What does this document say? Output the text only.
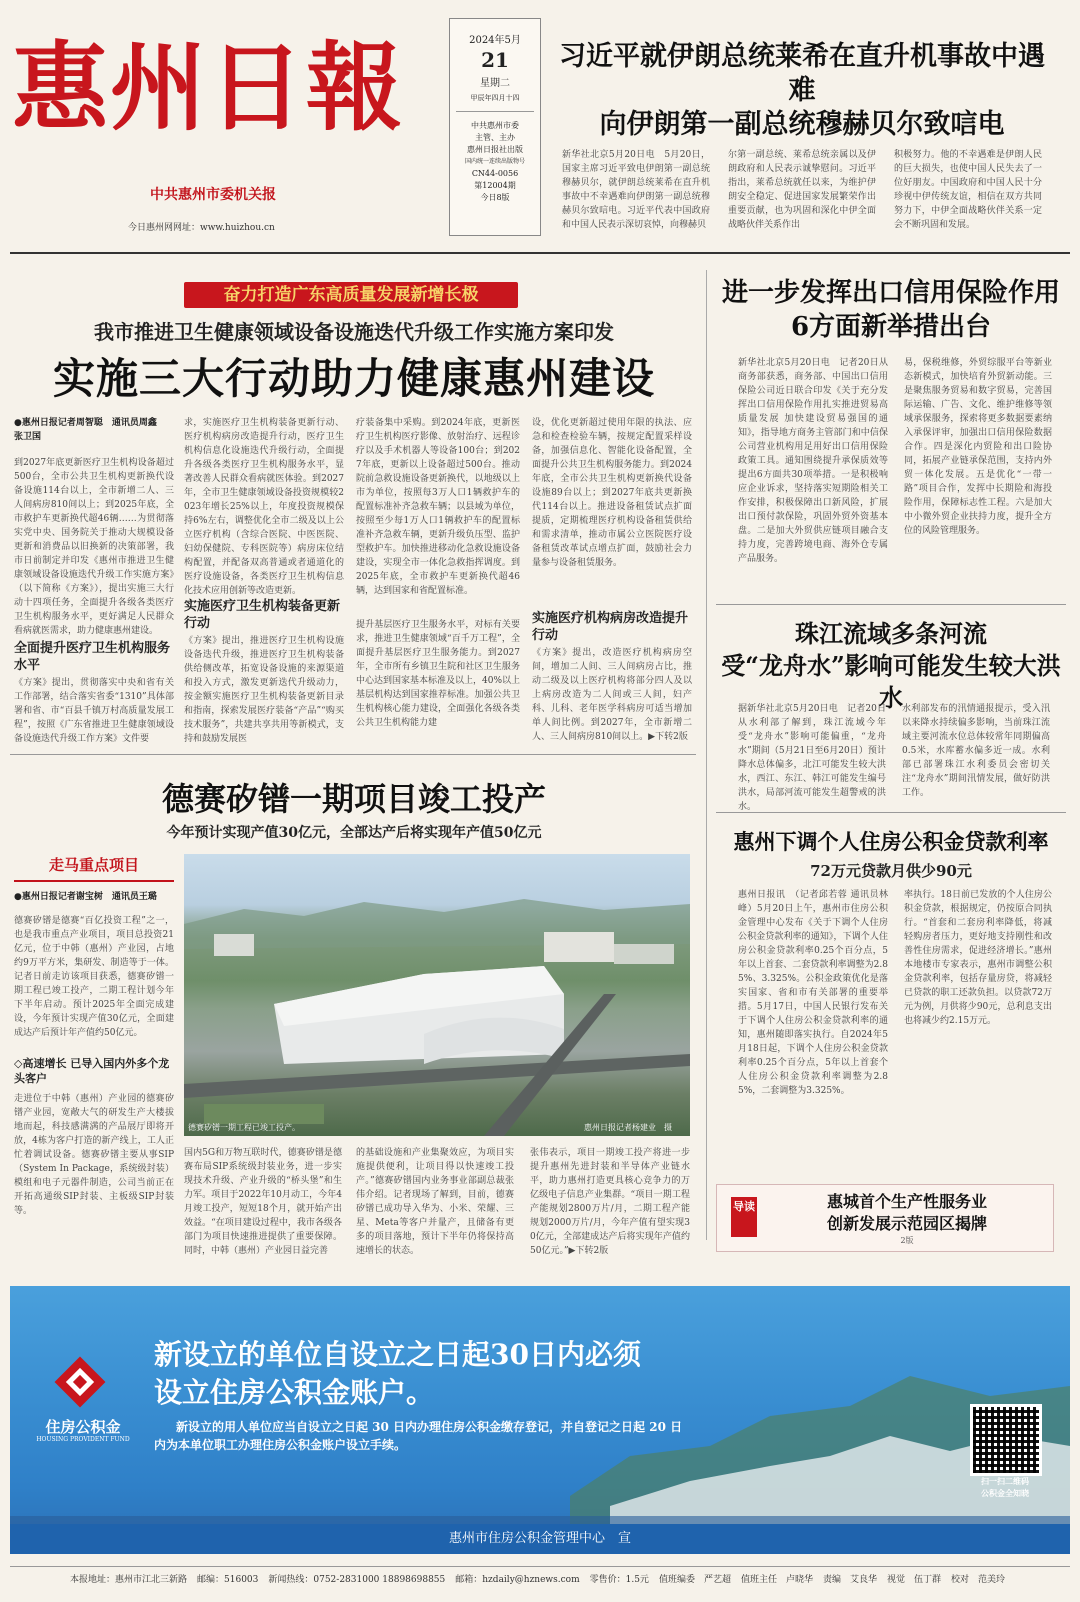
惠州日報
中共惠州市委机关报
今日惠州网网址：www.huizhou.cn
2024年5月
21
星期二
甲辰年四月十四
中共惠州市委
主管、主办
惠州日报社出版
国内统一连续出版物号
CN44-0056
第12004期
今日8版
习近平就伊朗总统莱希在直升机事故中遇难
向伊朗第一副总统穆赫贝尔致唁电
新华社北京5月20日电　5月20日，国家主席习近平致电伊朗第一副总统穆赫贝尔，就伊朗总统莱希在直升机事故中不幸遇难向伊朗第一副总统穆赫贝尔致唁电。习近平代表中国政府和中国人民表示深切哀悼，向穆赫贝
尔第一副总统、莱希总统亲属以及伊朗政府和人民表示诚挚慰问。习近平指出，莱希总统就任以来，为维护伊朗安全稳定、促进国家发展繁荣作出重要贡献，也为巩固和深化中伊全面战略伙伴关系作出
积极努力。他的不幸遇难是伊朗人民的巨大损失，也使中国人民失去了一位好朋友。中国政府和中国人民十分珍视中伊传统友谊，相信在双方共同努力下，中伊全面战略伙伴关系一定会不断巩固和发展。
奋力打造广东高质量发展新增长极
我市推进卫生健康领域设备设施迭代升级工作实施方案印发
实施三大行动助力健康惠州建设
●惠州日报记者周智聪　通讯员周鑫　张卫国
到2027年底更新医疗卫生机构设备超过500台，全市公共卫生机构更新换代设备设施114台以上，全市新增二人、三人间病房810间以上；到2025年底，全市救护车更新换代超46辆……为贯彻落实党中央、国务院关于推动大规模设备更新和消费品以旧换新的决策部署，我市日前制定并印发《惠州市推进卫生健康领域设备设施迭代升级工作实施方案》（以下简称《方案》），提出实施三大行动十四项任务，全面提升各级各类医疗卫生机构服务水平，更好满足人民群众看病就医需求，助力健康惠州建设。
全面提升医疗卫生机构服务水平
《方案》提出，贯彻落实中央和省有关工作部署，结合落实省委“1310”具体部署和省、市“百县千镇万村高质量发展工程”，按照《广东省推进卫生健康领域设备设施迭代升级工作方案》文件要
求，实施医疗卫生机构装备更新行动、医疗机构病房改造提升行动，医疗卫生机构信息化设施迭代升级行动，全面提升各级各类医疗卫生机构服务水平，显著改善人民群众看病就医体验。到2027年，全市卫生健康领域设备投资规模较2023年增长25%以上，年度投资规模保持6%左右，调整优化全市二级及以上公立医疗机构（含综合医院、中医医院、妇幼保健院、专科医院等）病房床位结构配置，并配备双高普通或者通道化的医疗设施设备，各类医疗卫生机构信息化技术应用创新等改造更新。
实施医疗卫生机构装备更新行动
《方案》提出，推进医疗卫生机构设施设备迭代升级，推进医疗卫生机构装备供给侧改革，拓宽设备设施的来源渠道和投入方式，激发更新迭代升级动力，按金额实施医疗卫生机构装备更新目录和指南，探索发展医疗装备“产品”“购买技术服务”，共建共享共用等新模式，支持和鼓励发展医
疗装备集中采购。到2024年底，更新医疗卫生机构医疗影像、放射治疗、远程诊疗以及手术机器人等设备100台；到2027年底，更新以上设备超过500台。推动院前急救设施设备更新换代，以地级以上市为单位，按照每3万人口1辆救护车的配置标准补齐急救车辆；以县域为单位，按照至少每1万人口1辆救护车的配置标准补齐急救车辆，更新升级负压型、监护型救护车。加快推进移动化急救设施设备建设，实现全市一体化急救指挥调度。到2025年底，全市救护车更新换代超46辆，达到国家和省配置标准。
提升基层医疗卫生服务水平，对标有关要求，推进卫生健康领域“百千万工程”，全面提升基层医疗卫生服务能力。到2027年，全市所有乡镇卫生院和社区卫生服务中心达到国家基本标准及以上，40%以上基层机构达到国家推荐标准。加强公共卫生机构核心能力建设，全面强化各级各类公共卫生机构能力建
设，优化更新超过使用年限的执法、应急和检查检验车辆，按规定配置采样设备，加强信息化、智能化设备配置，全面提升公共卫生机构服务能力。到2024年底，全市公共卫生机构更新换代设备设施89台以上；到2027年底共更新换代114台以上。推进设备租赁试点扩面提质，定期梳理医疗机构设备租赁供给和需求清单，推动市属公立医院医疗设备租赁改革试点增点扩面，鼓励社会力量参与设备租赁服务。
实施医疗机构病房改造提升行动
《方案》提出，改造医疗机构病房空间，增加二人间、三人间病房占比，推动二级及以上医疗机构将部分四人及以上病房改造为二人间或三人间，妇产科、儿科、老年医学科病房可适当增加单人间比例。到2027年，全市新增二人、三人间病房810间以上。▶下转2版
进一步发挥出口信用保险作用
6方面新举措出台
新华社北京5月20日电　记者20日从商务部获悉，商务部、中国出口信用保险公司近日联合印发《关于充分发挥出口信用保险作用扎实推进贸易高质量发展 加快建设贸易强国的通知》，指导地方商务主管部门和中信保公司营业机构用足用好出口信用保险政策工具。通知围绕提升承保质效等提出6方面共30项举措。一是积极响应企业诉求，坚持落实短期险相关工作安排，积极保障出口新风险，扩展出口预付款保险，巩固外贸外资基本盘。二是加大外贸供应链项目融合支持力度，完善跨境电商、海外仓专属产品服务。
易，保税维修，外贸综服平台等新业态新模式，加快培育外贸新动能。三是聚焦服务贸易和数字贸易，完善国际运输、广告、文化、维护维修等领域承保服务，探索将更多数据要素纳入承保评审，加强出口信用保险数据合作。四是深化内贸险和出口险协同，拓展产业链承保范围，支持内外贸一体化发展。五是优化“一带一路”项目合作，发挥中长期险和海投险作用，保障标志性工程。六是加大中小微外贸企业扶持力度，提升全方位的风险管理服务。
珠江流域多条河流
受“龙舟水”影响可能发生较大洪水
据新华社北京5月20日电　记者20日从水利部了解到，珠江流域今年受“龙舟水”影响可能偏重，“龙舟水”期间（5月21日至6月20日）预计降水总体偏多，北江可能发生较大洪水，西江、东江、韩江可能发生编号洪水，局部河流可能发生超警戒的洪水。
水利部发布的汛情通报提示，受入汛以来降水持续偏多影响，当前珠江流域主要河流水位总体较常年同期偏高0.5米，水库蓄水偏多近一成。水利部已部署珠江水利委员会密切关注“龙舟水”期间汛情发展，做好防洪工作。
惠州下调个人住房公积金贷款利率
72万元贷款月供少90元
惠州日报讯　（记者邱若蓉 通讯员林峰）5月20日上午，惠州市住房公积金管理中心发布《关于下调个人住房公积金贷款利率的通知》，下调个人住房公积金贷款利率0.25个百分点，5年以上首套、二套贷款利率调整为2.85%、3.325%。公积金政策优化是落实国家、省和市有关部署的重要举措。5月17日，中国人民银行发布关于下调个人住房公积金贷款利率的通知，惠州随即落实执行。自2024年5月18日起，下调个人住房公积金贷款利率0.25个百分点，5年以上首套个人住房公积金贷款利率调整为2.85%，二套调整为3.325%。
率执行。18日前已发放的个人住房公积金贷款，根据规定，仍按原合同执行。“首套和二套房利率降低，将减轻购房者压力，更好地支持刚性和改善性住房需求，促进经济增长。”惠州本地楼市专家表示，惠州市调整公积金贷款利率，包括存量房贷，将减轻已贷款的职工还款负担。以贷款72万元为例，月供将少90元，总利息支出也将减少约2.15万元。
导读	惠城首个生产性服务业
创新发展示范园区揭牌
2版
德赛矽镨一期项目竣工投产
今年预计实现产值30亿元，全部达产后将实现年产值50亿元
走马重点项目
●惠州日报记者谢宝树　通讯员王璐
德赛矽镨是德赛“百亿投资工程”之一，也是我市重点产业项目，项目总投资21亿元，位于中韩（惠州）产业园，占地约9万平方米，集研发、制造等于一体。记者日前走访该项目获悉，德赛矽镨一期工程已竣工投产，二期工程计划今年下半年启动。预计2025年全面完成建设，今年预计实现产值30亿元，全面建成达产后预计年产值约50亿元。
◇高速增长 已导入国内外多个龙头客户
走进位于中韩（惠州）产业园的德赛矽镨产业园，宽敞大气的研发生产大楼拔地而起，科技感满满的产品展厅即将开放，4栋为客户打造的新产线上，工人正忙着调试设备。德赛矽镨主要从事SIP（System In Package，系统级封装）模组和电子元器件制造，公司当前正在开拓高通级SIP封装、主板级SIP封装等。
德赛矽镨一期工程已竣工投产。	惠州日报记者杨建业　摄
国内5G和万物互联时代，德赛矽镨是德赛布局SIP系统级封装业务，进一步实现技术升级、产业升级的“桥头堡”和生力军。项目于2022年10月动工，今年4月竣工投产，短短18个月，就开始产出效益。“在项目建设过程中，我市各级各部门为项目快速推进提供了重要保障。同时，中韩（惠州）产业园日益完善
的基础设施和产业集聚效应，为项目实施提供便利，让项目得以快速竣工投产。”德赛矽镨国内业务事业部副总裁张伟介绍。记者现场了解到，目前，德赛矽镨已成功导入华为、小米、荣耀、三星、Meta等客户并量产，且储备有更多的项目落地，预计下半年仍将保持高速增长的状态。
张伟表示，项目一期竣工投产将进一步提升惠州先进封装和半导体产业链水平，助力惠州打造更具核心竞争力的万亿级电子信息产业集群。“项目一期工程产能规划2800万片/月，二期工程产能规划2000万片/月，今年产值有望实现30亿元，全部建成达产后将实现年产值约50亿元。”▶下转2版
住房公积金
HOUSING PROVIDENT FUND
新设立的单位自设立之日起30日内必须
设立住房公积金账户。
新设立的用人单位应当自设立之日起 30 日内办理住房公积金缴存登记，并自登记之日起 20 日
内为本单位职工办理住房公积金账户设立手续。
扫一扫二维码
公积金全知晓
惠州市住房公积金管理中心　宣
本报地址：惠州市江北三新路 邮编：516003 新闻热线：0752-2831000 18898698855 邮箱：hzdaily@hznews.com 零售价：1.5元 值班编委　严艺超 值班主任　卢晓华 责编　艾良华 视觉　伍丁群 校对　范美玲
